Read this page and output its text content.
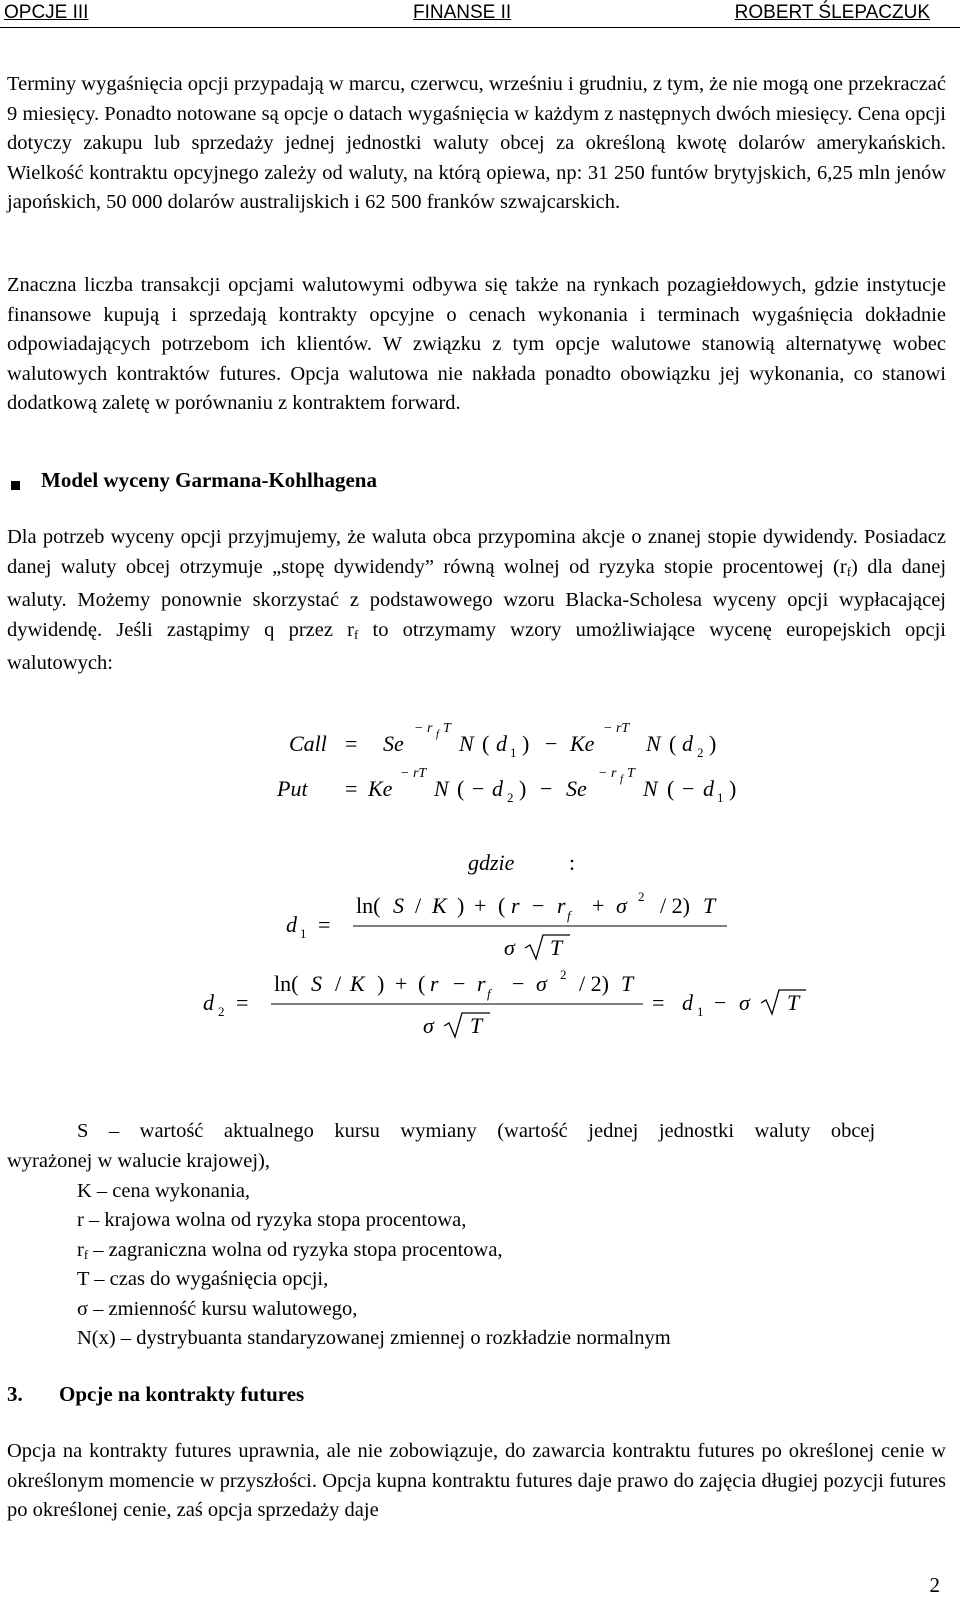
OPCJE III	FINANSE II	ROBERT ŚLEPACZUK

Terminy wygaśnięcia opcji przypadają w marcu, czerwcu, wrześniu i grudniu, z tym, że nie mogą one przekraczać 9 miesięcy. Ponadto notowane są opcje o datach wygaśnięcia w każdym z następnych dwóch miesięcy. Cena opcji dotyczy zakupu lub sprzedaży jednej jednostki waluty obcej za określoną kwotę dolarów amerykańskich. Wielkość kontraktu opcyjnego zależy od waluty, na którą opiewa, np: 31 250 funtów brytyjskich, 6,25 mln jenów japońskich, 50 000 dolarów australijskich i 62 500 franków szwajcarskich.

Znaczna liczba transakcji opcjami walutowymi odbywa się także na rynkach pozagiełdowych, gdzie instytucje finansowe kupują i sprzedają kontrakty opcyjne o cenach wykonania i terminach wygaśnięcia dokładnie odpowiadających potrzebom ich klientów. W związku z tym opcje walutowe stanowią alternatywę wobec walutowych kontraktów futures. Opcja walutowa nie nakłada ponadto obowiązku jej wykonania, co stanowi dodatkową zaletę w porównaniu z kontraktem forward.

Model wyceny Garmana-Kohlhagena

Dla potrzeb wyceny opcji przyjmujemy, że waluta obca przypomina akcje o znanej stopie dywidendy. Posiadacz danej waluty obcej otrzymuje „stopę dywidendy” równą wolnej od ryzyka stopie procentowej $(r_f)$ dla danej waluty. Możemy ponownie skorzystać z podstawowego wzoru Blacka-Scholesa wyceny opcji wypłacającej dywidendę. Jeśli zastąpimy q przez $r_f$ to otrzymamy wzory umożliwiające wycenę europejskich opcji walutowych:

Call = Se
− r f T
N ( d 1 ) − Ke
− rT
N ( d 2 )
Put = Ke
− rT
N ( − d 2 ) − Se
− r f T
N ( − d 1 )
gdzie :
d 1 =
ln( S / K ) + ( r − r f + σ 2 / 2) T
σ T
d 2 =
ln( S / K ) + ( r − r f − σ 2 / 2) T
σ T
= d 1 − σ T
S    –    wartość    aktualnego    kursu    wymiany    (wartość    jednej    jednostki    waluty    obcej
wyrażonej w walucie krajowej),
K – cena wykonania,
r – krajowa wolna od ryzyka stopa procentowa,
$r_f$ – zagraniczna wolna od ryzyka stopa procentowa,
T – czas do wygaśnięcia opcji,
σ – zmienność kursu walutowego,
N(x) – dystrybuanta standaryzowanej zmiennej o rozkładzie normalnym
3. Opcje na kontrakty futures

Opcja na kontrakty futures uprawnia, ale nie zobowiązuje, do zawarcia kontraktu futures po określonej cenie w określonym momencie w przyszłości. Opcja kupna kontraktu futures daje prawo do zajęcia długiej pozycji futures po określonej cenie, zaś opcja sprzedaży daje

2
